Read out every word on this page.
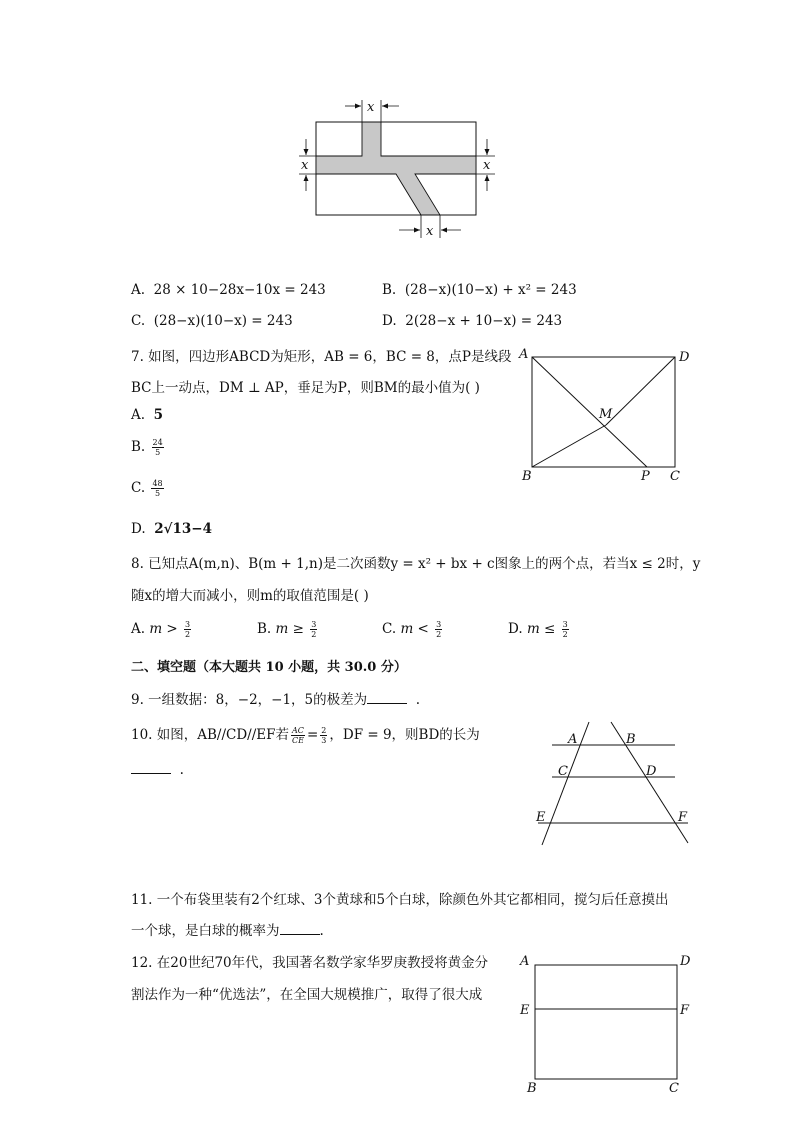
x
x	x
x
A. 28 × 10−28x−10x = 243	B. (28−x)(10−x) + x² = 243
C. (28−x)(10−x) = 243	D. 2(28−x + 10−x) = 243
7. 如图，四边形ABCD为矩形，AB = 6，BC = 8，点P是线段
BC上一动点，DM ⊥ AP，垂足为P，则BM的最小值为( )
A. 5
B. $\frac{24}{5}$
C. $\frac{48}{5}$
D. 2√13−4
A	D
B	C
P
M
8. 已知点A(m,n)、B(m + 1,n)是二次函数y = x² + bx + c图象上的两个点，若当x ≤ 2时，y
随x的增大而减小，则m的取值范围是( )
A. $m > \frac{3}{2}$	B. $m \ge \frac{3}{2}$	C. $m < \frac{3}{2}$	D. $m \le \frac{3}{2}$
二、填空题（本大题共 10 小题，共 30.0 分）
9. 一组数据：8，−2，−1，5的极差为	.
10. 如图，AB//CD//EF若 $\frac{AC}{CE} = \frac{2}{3}$ ，DF = 9，则BD的长为
.
A	B
C	D
E	F
11. 一个布袋里装有2个红球、3个黄球和5个白球，除颜色外其它都相同，搅匀后任意摸出
一个球，是白球的概率为	.
12. 在20世纪70年代，我国著名数学家华罗庚教授将黄金分
割法作为一种“优选法”，在全国大规模推广，取得了很大成
A	D
E	F
B	C
